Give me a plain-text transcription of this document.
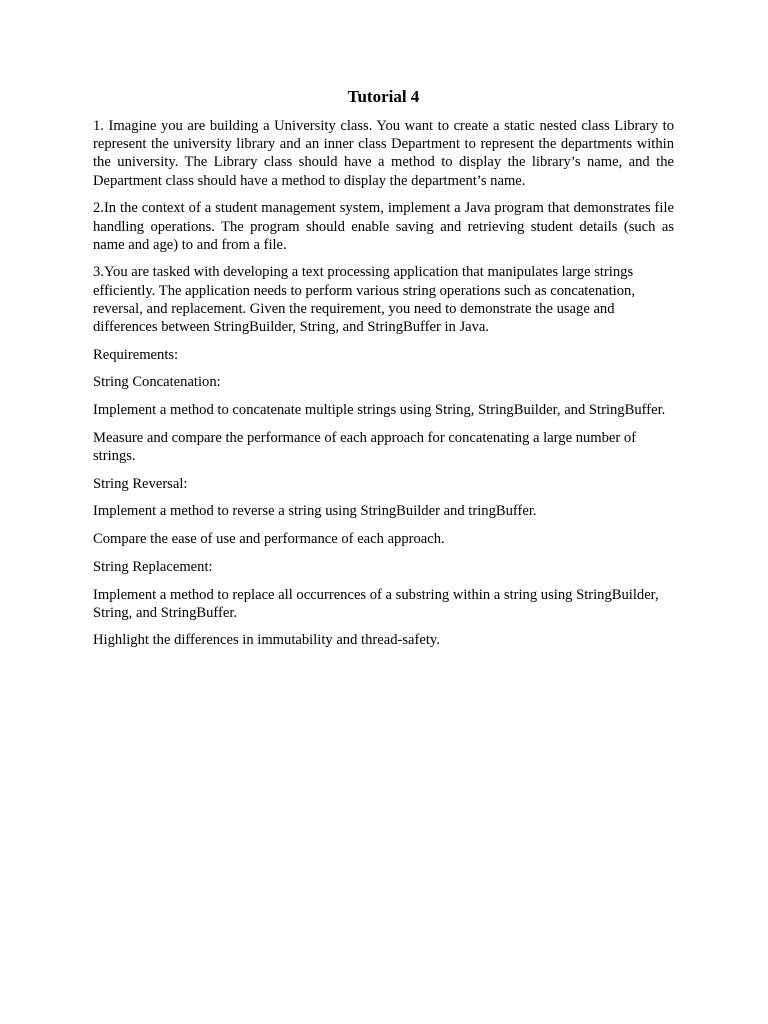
Tutorial 4

1. Imagine you are building a University class. You want to create a static nested class Library to represent the university library and an inner class Department to represent the departments within the university. The Library class should have a method to display the library’s name, and the Department class should have a method to display the department’s name.

2.In the context of a student management system, implement a Java program that demonstrates file handling operations. The program should enable saving and retrieving student details (such as name and age) to and from a file.

3.You are tasked with developing a text processing application that manipulates large strings efficiently. The application needs to perform various string operations such as concatenation, reversal, and replacement. Given the requirement, you need to demonstrate the usage and differences between StringBuilder, String, and StringBuffer in Java.

Requirements:

String Concatenation:

Implement a method to concatenate multiple strings using String, StringBuilder, and StringBuffer.

Measure and compare the performance of each approach for concatenating a large number of strings.

String Reversal:

Implement a method to reverse a string using StringBuilder and tringBuffer.

Compare the ease of use and performance of each approach.

String Replacement:

Implement a method to replace all occurrences of a substring within a string using StringBuilder, String, and StringBuffer.

Highlight the differences in immutability and thread-safety.
